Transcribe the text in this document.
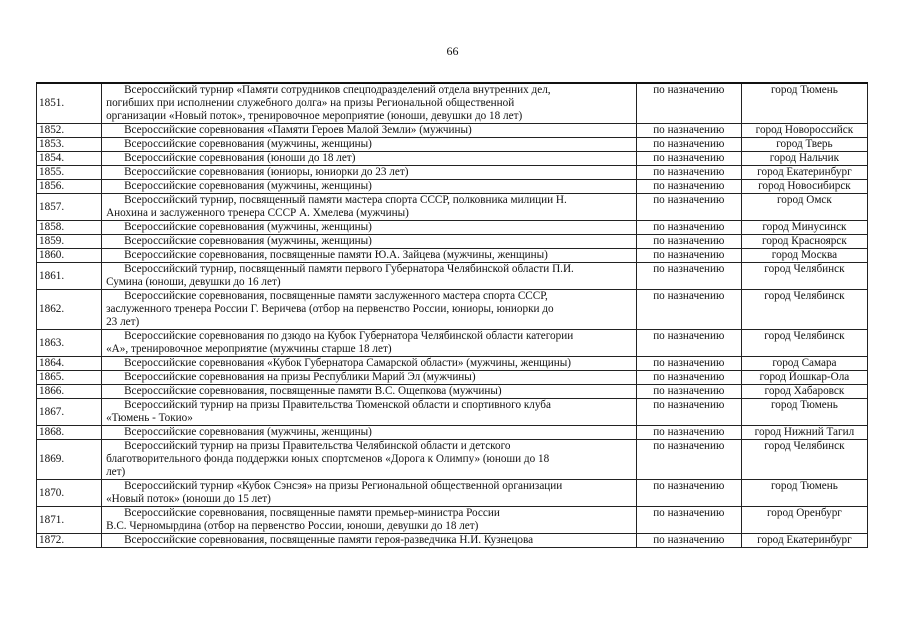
66
1851.	Всероссийский турнир «Памяти сотрудников спецподразделений отдела внутренних дел,
погибших при исполнении служебного долга» на призы Региональной общественной
организации «Новый поток», тренировочное мероприятие (юноши, девушки до 18 лет)	по назначению	город Тюмень
1852.	Всероссийские соревнования «Памяти Героев Малой Земли» (мужчины)	по назначению	город Новороссийск
1853.	Всероссийские соревнования (мужчины, женщины)	по назначению	город Тверь
1854.	Всероссийские соревнования (юноши до 18 лет)	по назначению	город Нальчик
1855.	Всероссийские соревнования (юниоры, юниорки до 23 лет)	по назначению	город Екатеринбург
1856.	Всероссийские соревнования (мужчины, женщины)	по назначению	город Новосибирск
1857.	Всероссийский турнир, посвященный памяти мастера спорта СССР, полковника милиции Н.
Анохина и заслуженного тренера СССР А. Хмелева (мужчины)	по назначению	город Омск
1858.	Всероссийские соревнования (мужчины, женщины)	по назначению	город Минусинск
1859.	Всероссийские соревнования (мужчины, женщины)	по назначению	город Красноярск
1860.	Всероссийские соревнования, посвященные памяти Ю.А. Зайцева (мужчины, женщины)	по назначению	город Москва
1861.	Всероссийский турнир, посвященный памяти первого Губернатора Челябинской области П.И.
Сумина (юноши, девушки до 16 лет)	по назначению	город Челябинск
1862.	Всероссийские соревнования, посвященные памяти заслуженного мастера спорта СССР,
заслуженного тренера России Г. Веричева (отбор на первенство России, юниоры, юниорки до
23 лет)	по назначению	город Челябинск
1863.	Всероссийские соревнования по дзюдо на Кубок Губернатора Челябинской области категории
«А», тренировочное мероприятие (мужчины старше 18 лет)	по назначению	город Челябинск
1864.	Всероссийские соревнования «Кубок Губернатора Самарской области» (мужчины, женщины)	по назначению	город Самара
1865.	Всероссийские соревнования на призы Республики Марий Эл (мужчины)	по назначению	город Йошкар-Ола
1866.	Всероссийские соревнования, посвященные памяти В.С. Ощепкова (мужчины)	по назначению	город Хабаровск
1867.	Всероссийский турнир на призы Правительства Тюменской области и спортивного клуба
«Тюмень - Токио»	по назначению	город Тюмень
1868.	Всероссийские соревнования (мужчины, женщины)	по назначению	город Нижний Тагил
1869.	Всероссийский турнир на призы Правительства Челябинской области и детского
благотворительного фонда поддержки юных спортсменов «Дорога к Олимпу» (юноши до 18
лет)	по назначению	город Челябинск
1870.	Всероссийский турнир «Кубок Сэнсэя» на призы Региональной общественной организации
«Новый поток» (юноши до 15 лет)	по назначению	город Тюмень
1871.	Всероссийские соревнования, посвященные памяти премьер-министра России
В.С. Черномырдина (отбор на первенство России, юноши, девушки до 18 лет)	по назначению	город Оренбург
1872.	Всероссийские соревнования, посвященные памяти героя-разведчика Н.И. Кузнецова	по назначению	город Екатеринбург
